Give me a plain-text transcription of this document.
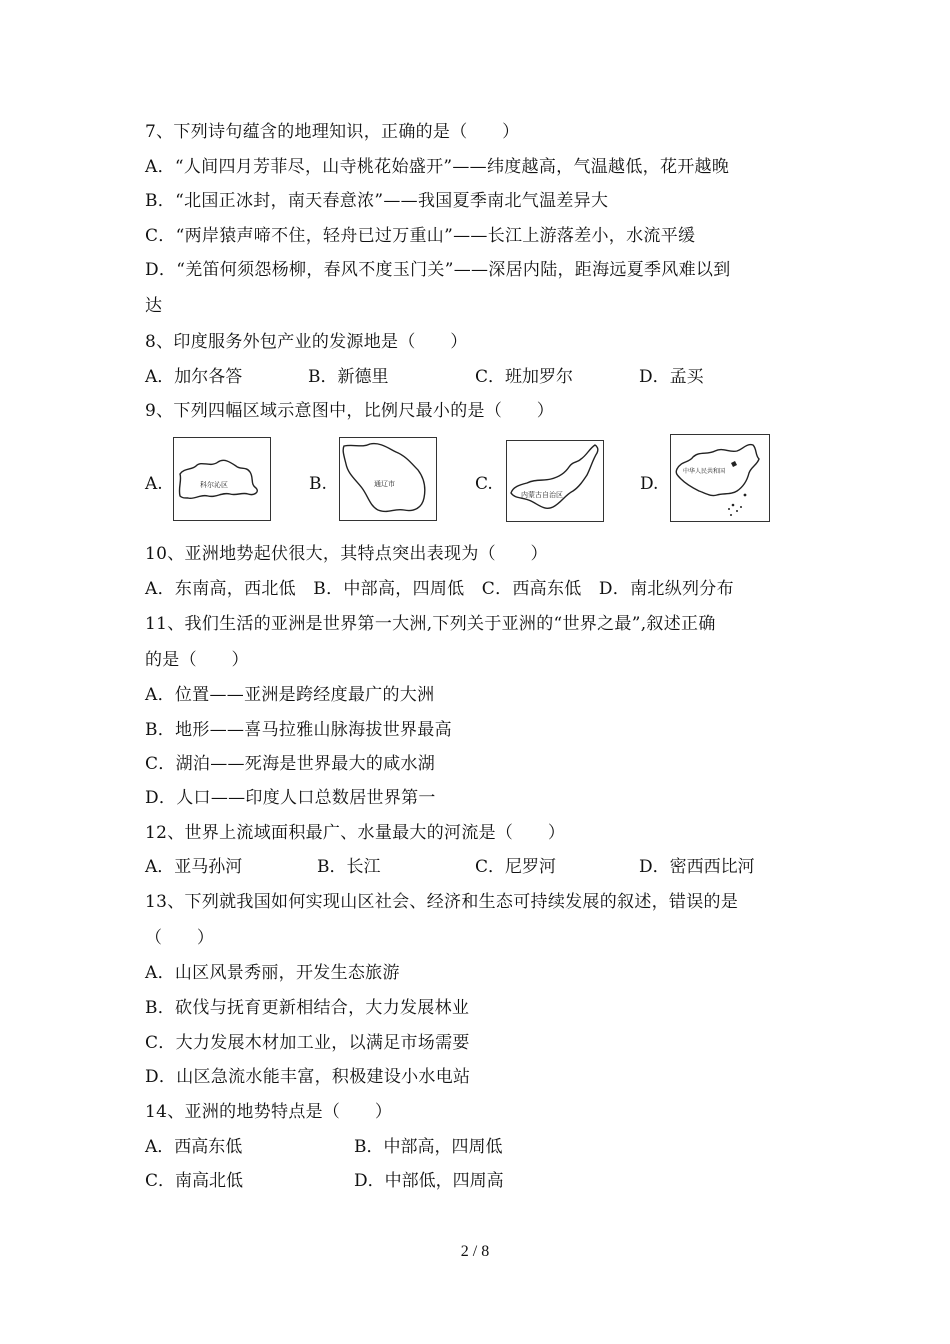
7、下列诗句蕴含的地理知识，正确的是（　　）
A．“人间四月芳菲尽，山寺桃花始盛开”——纬度越高，气温越低，花开越晚
B．“北国正冰封，南天春意浓”——我国夏季南北气温差异大
C．“两岸猿声啼不住，轻舟已过万重山”——长江上游落差小，水流平缓
D．“羌笛何须怨杨柳，春风不度玉门关”——深居内陆，距海远夏季风难以到
达
8、印度服务外包产业的发源地是（　　）
A．加尔各答	B．新德里	C．班加罗尔	D．孟买
9、下列四幅区域示意图中，比例尺最小的是（　　）
A.	科尔沁区	B.	通辽市	C.
内蒙古自治区
D.
中华人民共和国
10、亚洲地势起伏很大，其特点突出表现为（　　）
A．东南高，西北低　B．中部高，四周低　C．西高东低　D．南北纵列分布
11、我们生活的亚洲是世界第一大洲,下列关于亚洲的“世界之最”,叙述正确
的是（　　）
A．位置——亚洲是跨经度最广的大洲
B．地形——喜马拉雅山脉海拔世界最高
C．湖泊——死海是世界最大的咸水湖
D．人口——印度人口总数居世界第一
12、世界上流域面积最广、水量最大的河流是（　　）
A．亚马孙河	B．长江	C．尼罗河	D．密西西比河
13、下列就我国如何实现山区社会、经济和生态可持续发展的叙述，错误的是
（　　）
A．山区风景秀丽，开发生态旅游
B．砍伐与抚育更新相结合，大力发展林业
C．大力发展木材加工业，以满足市场需要
D．山区急流水能丰富，积极建设小水电站
14、亚洲的地势特点是（　　）
A．西高东低	B．中部高，四周低
C．南高北低	D．中部低，四周高
2 / 8
